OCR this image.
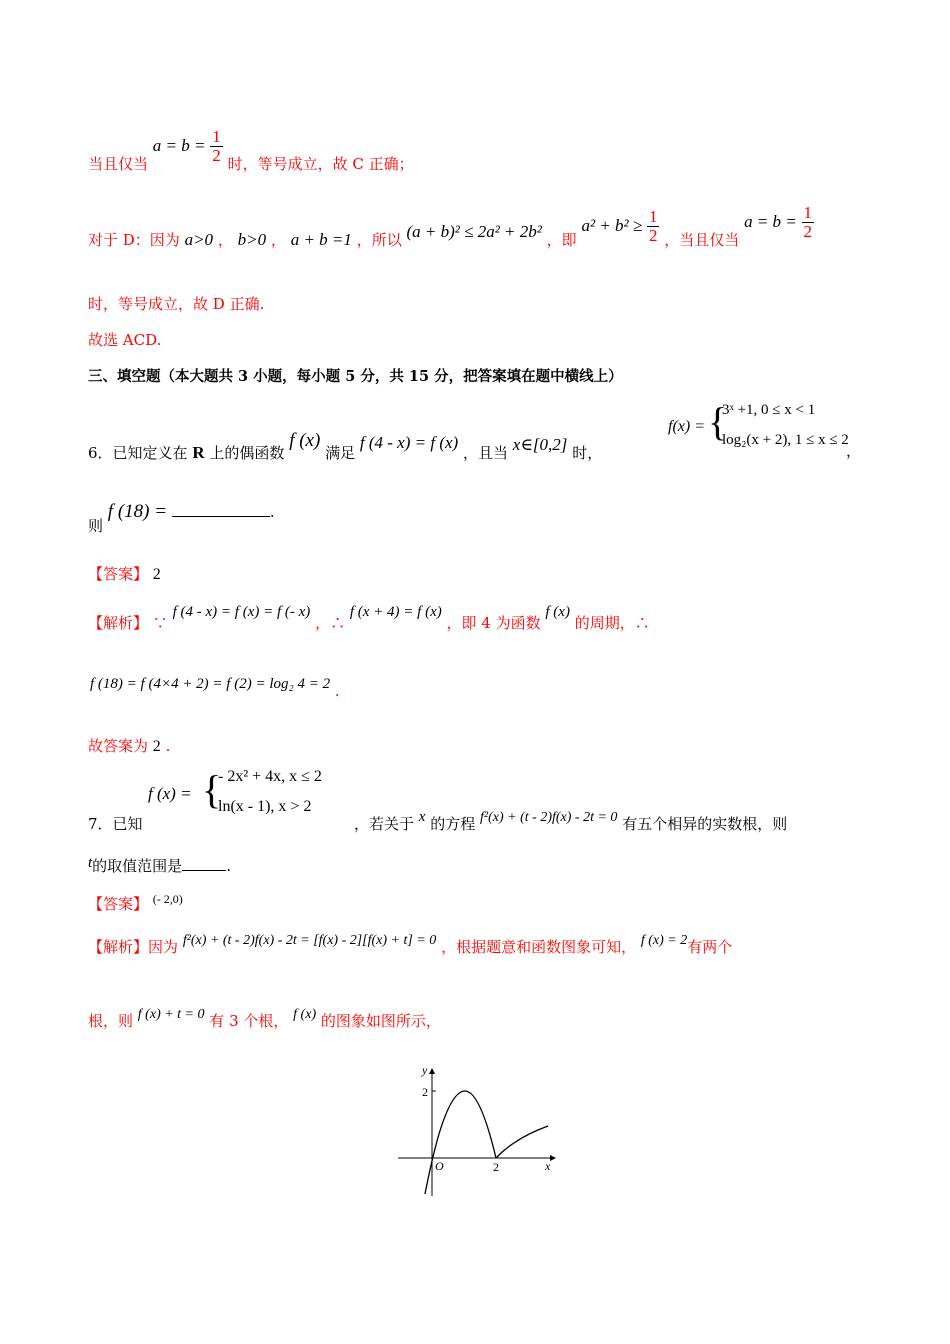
当且仅当 $a = b = \frac{1}{2}$ 时，等号成立，故 C 正确；
对于 D：因为 a>0 ， b>0 ， a + b =1 ，所以 (a + b)² ≤ 2a² + 2b² ，即 $a^2 + b^2 \ge \frac{1}{2}$ ，当且仅当 $a = b = \frac{1}{2}$
时，等号成立，故 D 正确.
故选 ACD.
三、填空题（本大题共 3 小题，每小题 5 分，共 15 分，把答案填在题中横线上）
6．已知定义在 R 上的偶函数 f (x) 满足 f (4 - x) = f (x) ，且当 x∈[0,2] 时，
f(x) = {
3ˣ +1, 0 ≤ x < 1
log₂(x + 2), 1 ≤ x ≤ 2
，
则 f (18) =	.
【答案】 2
【解析】 ∵ f (4 - x) = f (x) = f (- x) ，∴ f (x + 4) = f (x) ，即 4 为函数 f (x) 的周期，∴
f (18) = f (4×4 + 2) = f (2) = log₂ 4 = 2 .
故答案为 2 .
f (x) = {
- 2x² + 4x, x ≤ 2
ln(x - 1), x > 2
7．已知	，若关于 x 的方程 f²(x) + (t - 2)f(x) - 2t = 0 有五个相异的实数根，则
t的取值范围是	.
【答案】 $^{(- 2,0)}$
【解析】因为 f²(x) + (t - 2)f(x) - 2t = [f(x) - 2][f(x) + t] = 0 ，根据题意和函数图象可知， f (x) = 2有两个
根，则 f (x) + t = 0 有 3 个根， f (x) 的图象如图所示，
y
x
O
2
2
